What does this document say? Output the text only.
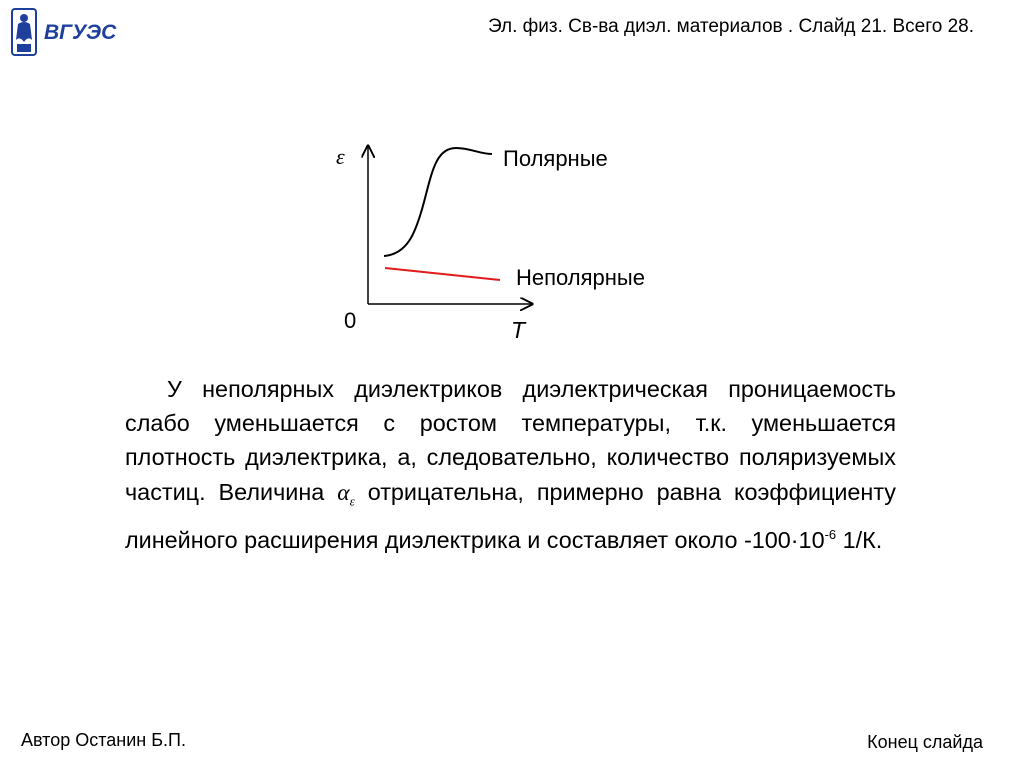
ВГУЭС	Эл. физ. Св-ва диэл. материалов . Слайд 21. Всего 28.
ε
0	T
Полярные
Неполярные
У неполярных диэлектриков диэлектрическая проницаемость слабо уменьшается с ростом температуры, т.к. уменьшается плотность диэлектрика, а, следовательно, количество поляризуемых частиц. Величина $\alpha_\varepsilon$ отрицательна, примерно равна коэффициенту линейного расширения диэлектрика и составляет около $-100\cdot 10^{-6}$ 1/К.
Автор Останин Б.П.	Конец слайда
